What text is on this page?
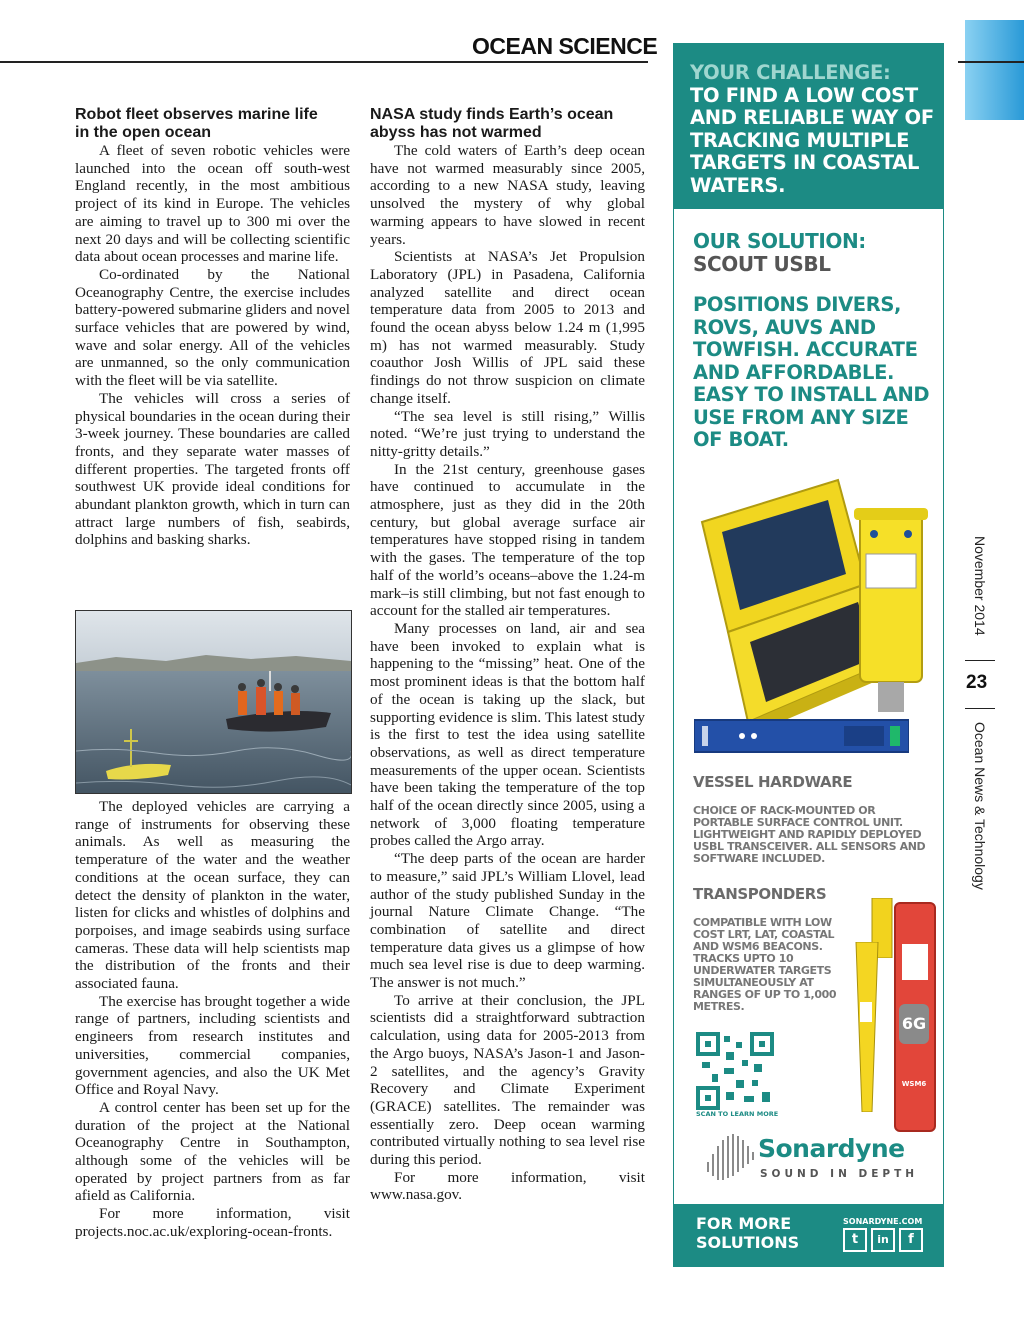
OCEAN SCIENCE
Robot fleet observes marine life
in the open ocean

A fleet of seven robotic vehicles were launched into the ocean off south-west England recently, in the most ambitious project of its kind in Europe. The vehicles are aiming to travel up to 300 mi over the next 20 days and will be collecting scientific data about ocean processes and marine life.

Co-ordinated by the National Oceanography Centre, the exercise includes battery-powered submarine gliders and novel surface vehicles that are powered by wind, wave and solar energy. All of the vehicles are unmanned, so the only communication with the fleet will be via satellite.

The vehicles will cross a series of physical boundaries in the ocean during their 3-week journey. These boundaries are called fronts, and they separate water masses of different properties. The targeted fronts off southwest UK provide ideal conditions for abundant plankton growth, which in turn can attract large numbers of fish, seabirds, dolphins and basking sharks.

The deployed vehicles are carrying a range of instruments for observing these animals. As well as measuring the temperature of the water and the weather conditions at the ocean surface, they can detect the density of plankton in the water, listen for clicks and whistles of dolphins and porpoises, and image seabirds using surface cameras. These data will help scientists map the distribution of the fronts and their associated fauna.

The exercise has brought together a wide range of partners, including scientists and engineers from research institutes and universities, commercial companies, government agencies, and also the UK Met Office and Royal Navy.

A control center has been set up for the duration of the project at the National Oceanography Centre in Southampton, although some of the vehicles will be operated by project partners from as far afield as California.

For more information, visit projects.noc.ac.uk/exploring-ocean-fronts.

NASA study finds Earth’s ocean
abyss has not warmed

The cold waters of Earth’s deep ocean have not warmed measurably since 2005, according to a new NASA study, leaving unsolved the mystery of why global warming appears to have slowed in recent years.

Scientists at NASA’s Jet Propulsion Laboratory (JPL) in Pasadena, California analyzed satellite and direct ocean temperature data from 2005 to 2013 and found the ocean abyss below 1.24 m (1,995 m) has not warmed measurably. Study coauthor Josh Willis of JPL said these findings do not throw suspicion on climate change itself.

“The sea level is still rising,” Willis noted. “We’re just trying to understand the nitty-gritty details.”

In the 21st century, greenhouse gases have continued to accumulate in the atmosphere, just as they did in the 20th century, but global average surface air temperatures have stopped rising in tandem with the gases. The temperature of the top half of the world’s oceans–above the 1.24-m mark–is still climbing, but not fast enough to account for the stalled air temperatures.

Many processes on land, air and sea have been invoked to explain what is happening to the “missing” heat. One of the most prominent ideas is that the bottom half of the ocean is taking up the slack, but supporting evidence is slim. This latest study is the first to test the idea using satellite observations, as well as direct temperature measurements of the upper ocean. Scientists have been taking the temperature of the top half of the ocean directly since 2005, using a network of 3,000 floating temperature probes called the Argo array.

“The deep parts of the ocean are harder to measure,” said JPL’s William Llovel, lead author of the study published Sunday in the journal Nature Climate Change. “The combination of satellite and direct temperature data gives us a glimpse of how much sea level rise is due to deep warming. The answer is not much.”

To arrive at their conclusion, the JPL scientists did a straightforward subtraction calculation, using data for 2005-2013 from the Argo buoys, NASA’s Jason-1 and Jason-2 satellites, and the agency’s Gravity Recovery and Climate Experiment (GRACE) satellites. The remainder was essentially zero. Deep ocean warming contributed virtually nothing to sea level rise during this period.

For more information, visit www.nasa.gov.

YOUR CHALLENGE:
TO FIND A LOW COST AND RELIABLE WAY OF TRACKING MULTIPLE TARGETS IN COASTAL WATERS.
OUR SOLUTION:
SCOUT USBL
POSITIONS DIVERS, ROVS, AUVS AND TOWFISH. ACCURATE AND AFFORDABLE. EASY TO INSTALL AND USE FROM ANY SIZE OF BOAT.
VESSEL HARDWARE
CHOICE OF RACK-MOUNTED OR PORTABLE SURFACE CONTROL UNIT. LIGHTWEIGHT AND RAPIDLY DEPLOYED USBL TRANSCEIVER. ALL SENSORS AND SOFTWARE INCLUDED.
TRANSPONDERS
COMPATIBLE WITH LOW COST LRT, LAT, COASTAL AND WSM6 BEACONS. TRACKS UPTO 10 UNDERWATER TARGETS SIMULTANEOUSLY AT RANGES OF UP TO 1,000 METRES.
6G
WSM6
SCAN TO LEARN MORE
Sonardyne
SOUND IN DEPTH
FOR MORE SOLUTIONS
SONARDYNE.COM
t	in	f
November 2014
23
Ocean News & Technology
